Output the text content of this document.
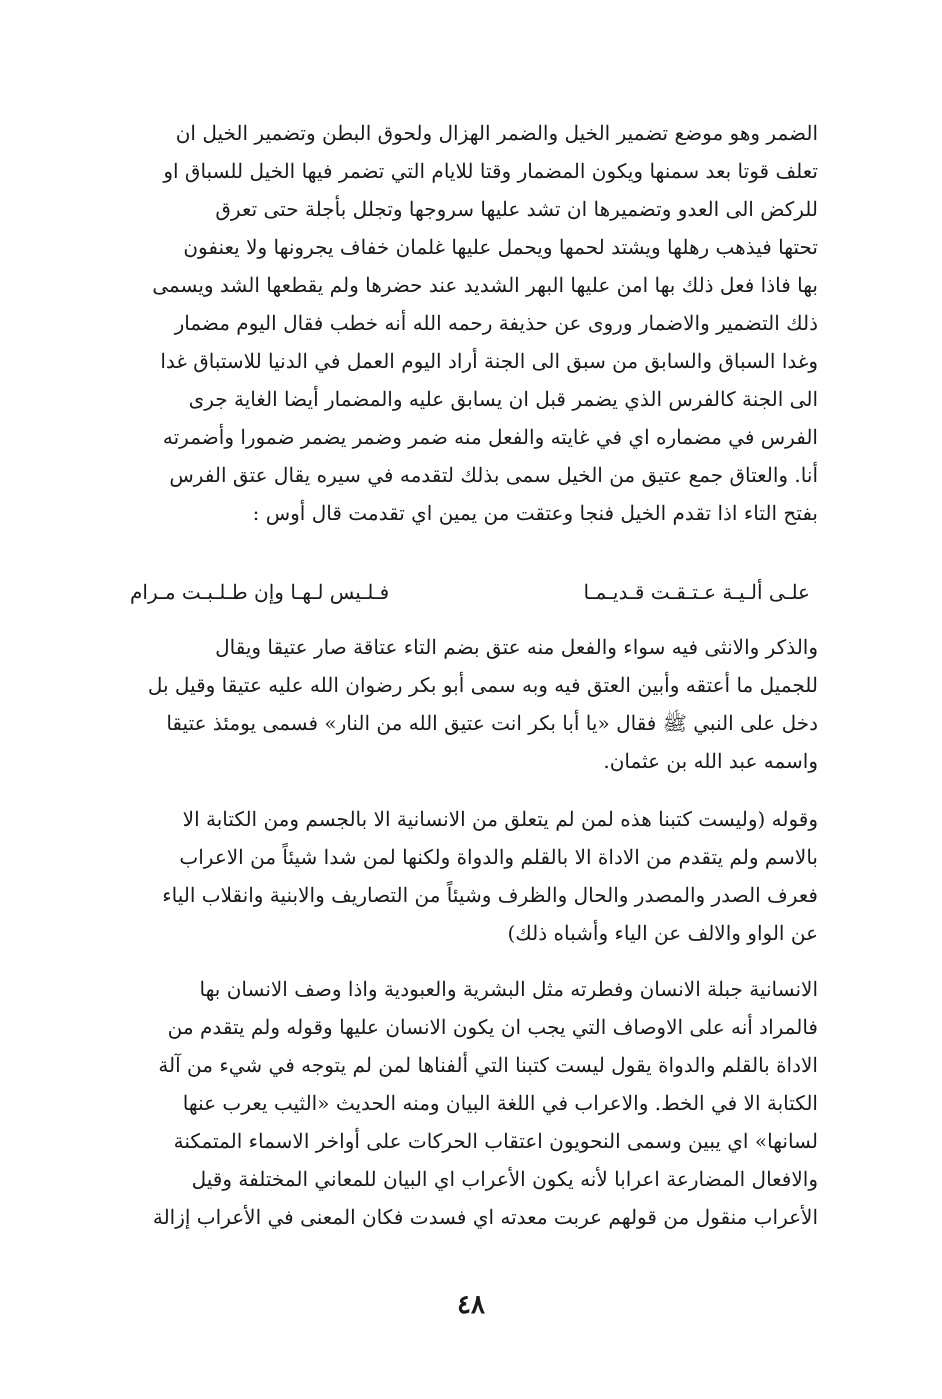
الضمر وهو موضع تضمير الخيل والضمر الهزال ولحوق البطن وتضمير الخيل ان
تعلف قوتا بعد سمنها ويكون المضمار وقتا للايام التي تضمر فيها الخيل للسباق او
للركض الى العدو وتضميرها ان تشد عليها سروجها وتجلل بأجلة حتى تعرق
تحتها فيذهب رهلها ويشتد لحمها ويحمل عليها غلمان خفاف يجرونها ولا يعنفون
بها فاذا فعل ذلك بها امن عليها البهر الشديد عند حضرها ولم يقطعها الشد ويسمى
ذلك التضمير والاضمار وروى عن حذيفة رحمه الله أنه خطب فقال اليوم مضمار
وغدا السباق والسابق من سبق الى الجنة أراد اليوم العمل في الدنيا للاستباق غدا
الى الجنة كالفرس الذي يضمر قبل ان يسابق عليه والمضمار أيضا الغاية جرى
الفرس في مضماره اي في غايته والفعل منه ضمر وضمر يضمر ضمورا وأضمرته
أنا. والعتاق جمع عتيق من الخيل سمى بذلك لتقدمه في سيره يقال عتق الفرس
بفتح التاء اذا تقدم الخيل فنجا وعتقت من يمين اي تقدمت قال أوس :
علـى ألـيـة عـتـقـت قـديـمـا
فـلـيس لـهـا وإن طـلـبـت مـرام
والذكر والانثى فيه سواء والفعل منه عتق بضم التاء عتاقة صار عتيقا ويقال
للجميل ما أعتقه وأبين العتق فيه وبه سمى أبو بكر رضوان الله عليه عتيقا وقيل بل
دخل على النبي ﷺ فقال «يا أبا بكر انت عتيق الله من النار» فسمى يومئذ عتيقا
واسمه عبد الله بن عثمان.
وقوله (وليست كتبنا هذه لمن لم يتعلق من الانسانية الا بالجسم ومن الكتابة الا
بالاسم ولم يتقدم من الاداة الا بالقلم والدواة ولكنها لمن شدا شيئاً من الاعراب
فعرف الصدر والمصدر والحال والظرف وشيئاً من التصاريف والابنية وانقلاب الياء
عن الواو والالف عن الياء وأشباه ذلك)
الانسانية جبلة الانسان وفطرته مثل البشرية والعبودية واذا وصف الانسان بها
فالمراد أنه على الاوصاف التي يجب ان يكون الانسان عليها وقوله ولم يتقدم من
الاداة بالقلم والدواة يقول ليست كتبنا التي ألفناها لمن لم يتوجه في شيء من آلة
الكتابة الا في الخط. والاعراب في اللغة البيان ومنه الحديث «الثيب يعرب عنها
لسانها» اي يبين وسمى النحويون اعتقاب الحركات على أواخر الاسماء المتمكنة
والافعال المضارعة اعرابا لأنه يكون الأعراب اي البيان للمعاني المختلفة وقيل
الأعراب منقول من قولهم عربت معدته اي فسدت فكان المعنى في الأعراب إزالة
٤٨
